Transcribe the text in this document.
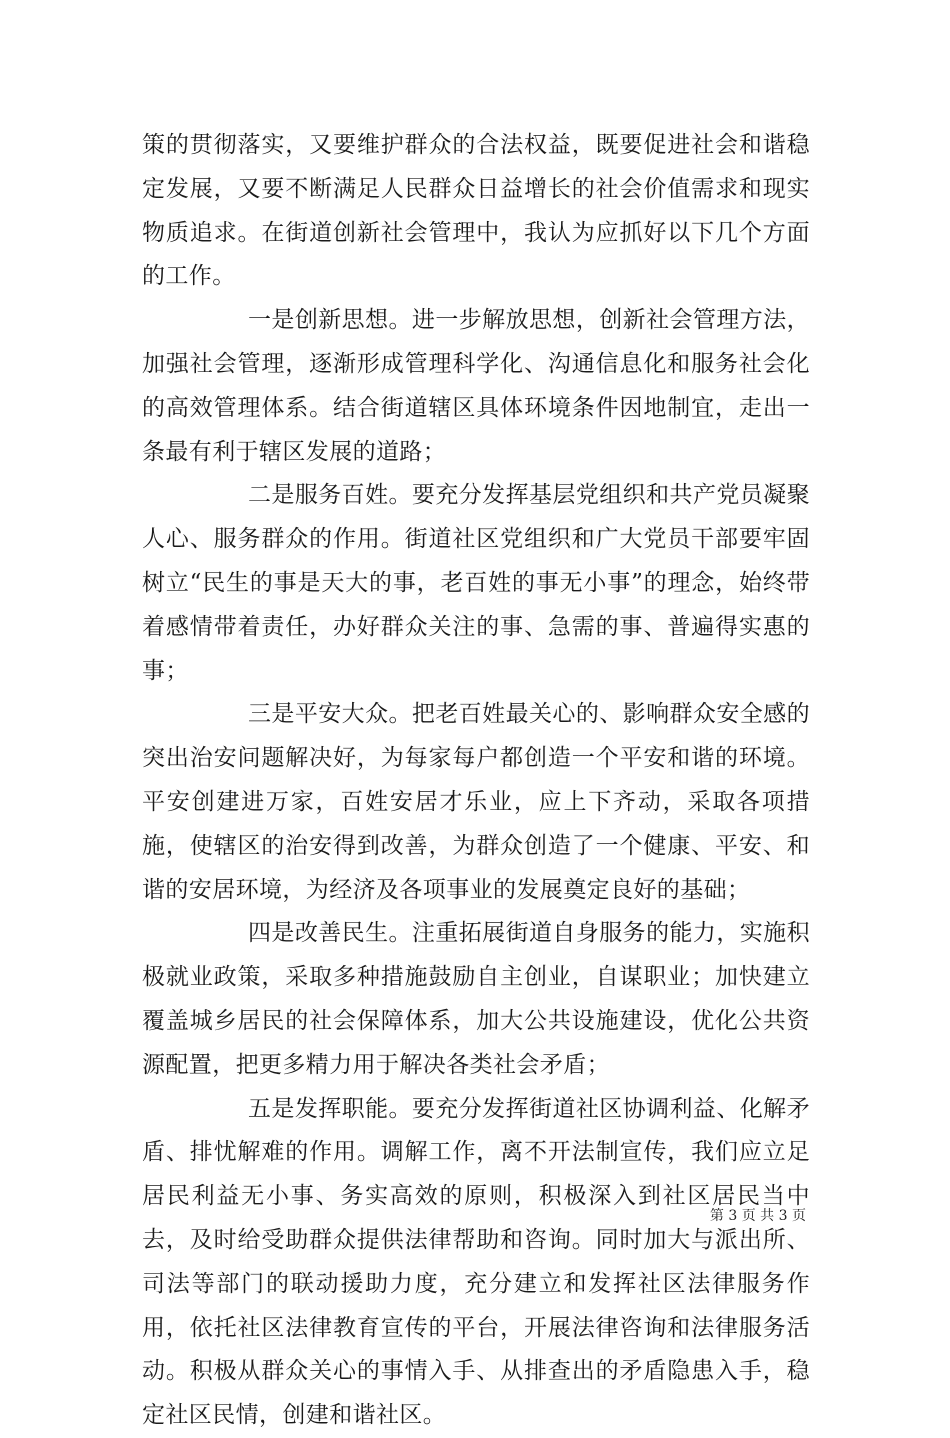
策的贯彻落实，又要维护群众的合法权益，既要促进社会和谐稳定发展，又要不断满足人民群众日益增长的社会价值需求和现实物质追求。在街道创新社会管理中，我认为应抓好以下几个方面的工作。

一是创新思想。进一步解放思想，创新社会管理方法，加强社会管理，逐渐形成管理科学化、沟通信息化和服务社会化的高效管理体系。结合街道辖区具体环境条件因地制宜，走出一条最有利于辖区发展的道路；

二是服务百姓。要充分发挥基层党组织和共产党员凝聚人心、服务群众的作用。街道社区党组织和广大党员干部要牢固树立“民生的事是天大的事，老百姓的事无小事”的理念，始终带着感情带着责任，办好群众关注的事、急需的事、普遍得实惠的事；

三是平安大众。把老百姓最关心的、影响群众安全感的突出治安问题解决好，为每家每户都创造一个平安和谐的环境。平安创建进万家，百姓安居才乐业，应上下齐动，采取各项措施，使辖区的治安得到改善，为群众创造了一个健康、平安、和谐的安居环境，为经济及各项事业的发展奠定良好的基础；

四是改善民生。注重拓展街道自身服务的能力，实施积极就业政策，采取多种措施鼓励自主创业，自谋职业；加快建立覆盖城乡居民的社会保障体系，加大公共设施建设，优化公共资源配置，把更多精力用于解决各类社会矛盾；

五是发挥职能。要充分发挥街道社区协调利益、化解矛盾、排忧解难的作用。调解工作，离不开法制宣传，我们应立足居民利益无小事、务实高效的原则，积极深入到社区居民当中去，及时给受助群众提供法律帮助和咨询。同时加大与派出所、司法等部门的联动援助力度，充分建立和发挥社区法律服务作用，依托社区法律教育宣传的平台，开展法律咨询和法律服务活动。积极从群众关心的事情入手、从排查出的矛盾隐患入手，稳定社区民情，创建和谐社区。

第 3 页 共 3 页
